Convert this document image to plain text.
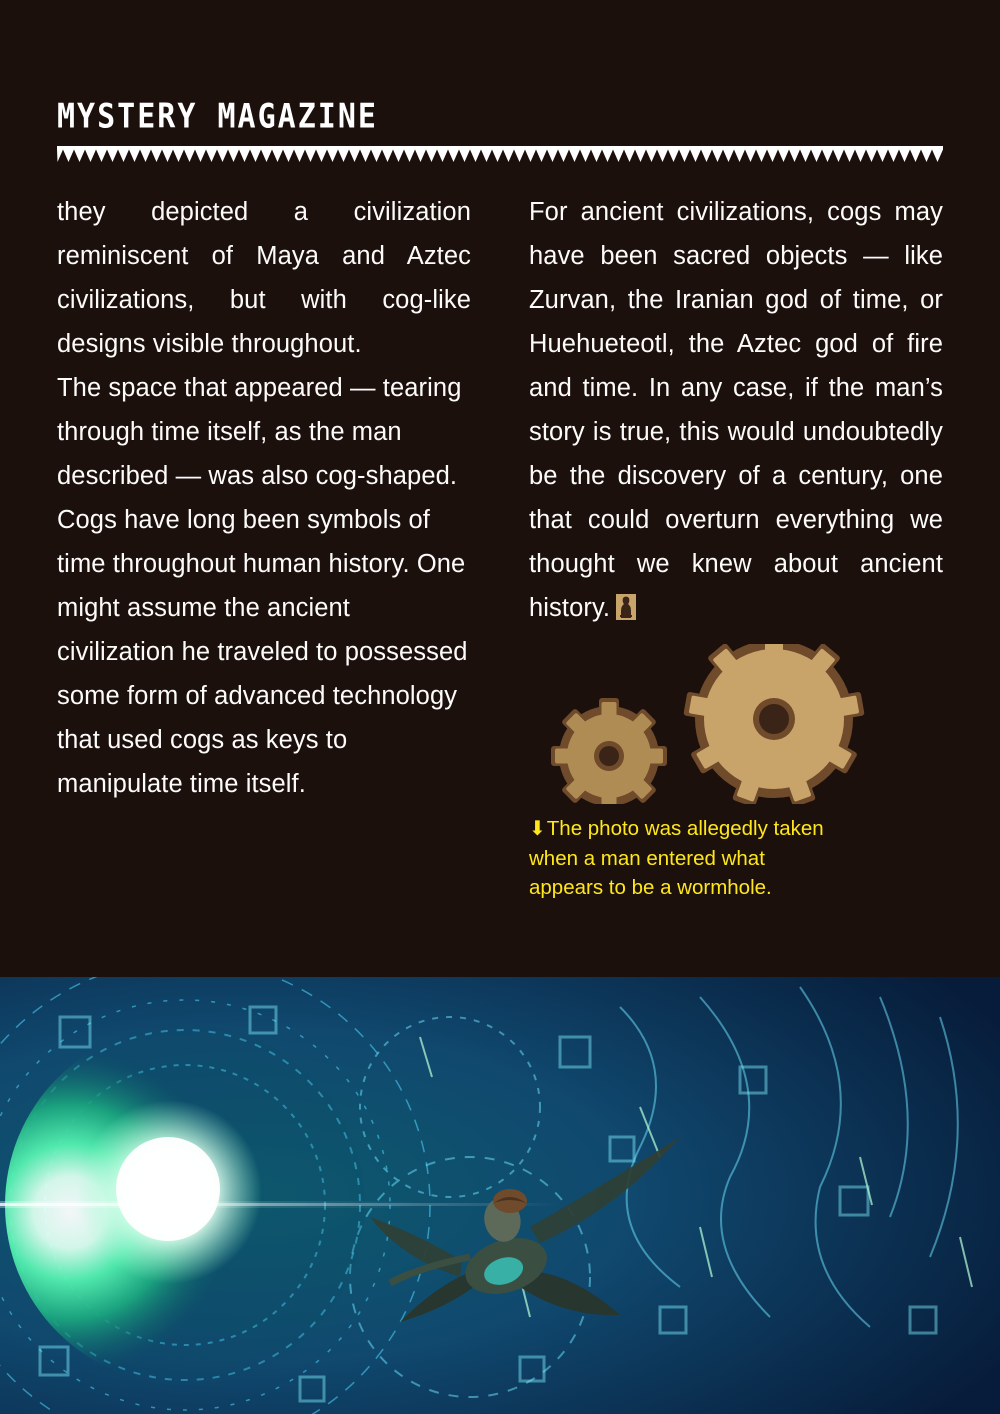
MYSTERY MAGAZINE

they depicted a civilization reminiscent of Maya and Aztec civilizations, but with cog-like designs visible throughout.

The space that appeared — tearing through time itself, as the man described — was also cog-shaped. Cogs have long been symbols of time throughout human history. One might assume the ancient civilization he traveled to possessed some form of advanced technology that used cogs as keys to manipulate time itself.

For ancient civilizations, cogs may have been sacred objects — like Zurvan, the Iranian god of time, or Huehueteotl, the Aztec god of fire and time. In any case, if the man’s story is true, this would undoubtedly be the discovery of a century, one that could overturn everything we thought we knew about ancient history.

⬇The photo was allegedly taken

when a man entered what

appears to be a wormhole.
